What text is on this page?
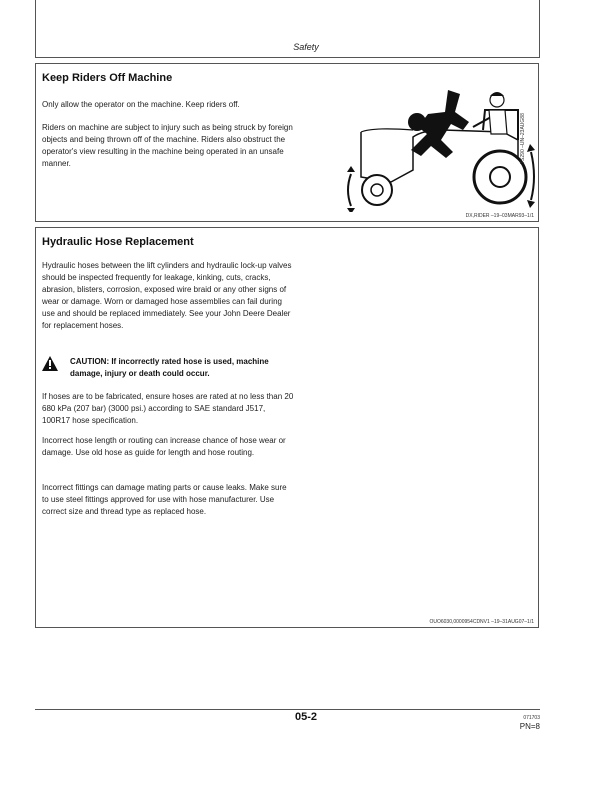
Safety
Keep Riders Off Machine

Only allow the operator on the machine. Keep riders off.

Riders on machine are subject to injury such as being struck by foreign objects and being thrown off of the machine. Riders also obstruct the operator's view resulting in the machine being operated in an unsafe manner.	TS290 –UN–23AUG88
DX,RIDER –19–03MAR93–1/1
Hydraulic Hose Replacement

Hydraulic hoses between the lift cylinders and hydraulic lock-up valves should be inspected frequently for leakage, kinking, cuts, cracks, abrasion, blisters, corrosion, exposed wire braid or any other signs of wear or damage. Worn or damaged hose assemblies can fail during use and should be replaced immediately. See your John Deere Dealer for replacement hoses.

CAUTION: If incorrectly rated hose is used, machine damage, injury or death could occur.

If hoses are to be fabricated, ensure hoses are rated at no less than 20 680 kPa (207 bar) (3000 psi.) according to SAE standard J517, 100R17 hose specification.

Incorrect hose length or routing can increase chance of hose wear or damage. Use old hose as guide for length and hose routing.

Incorrect fittings can damage mating parts or cause leaks. Make sure to use steel fittings approved for use with hose manufacturer. Use correct size and thread type as replaced hose.

OUO6030,0000954CDNV1 –19–31AUG07–1/1
05-2	071703
PN=8
